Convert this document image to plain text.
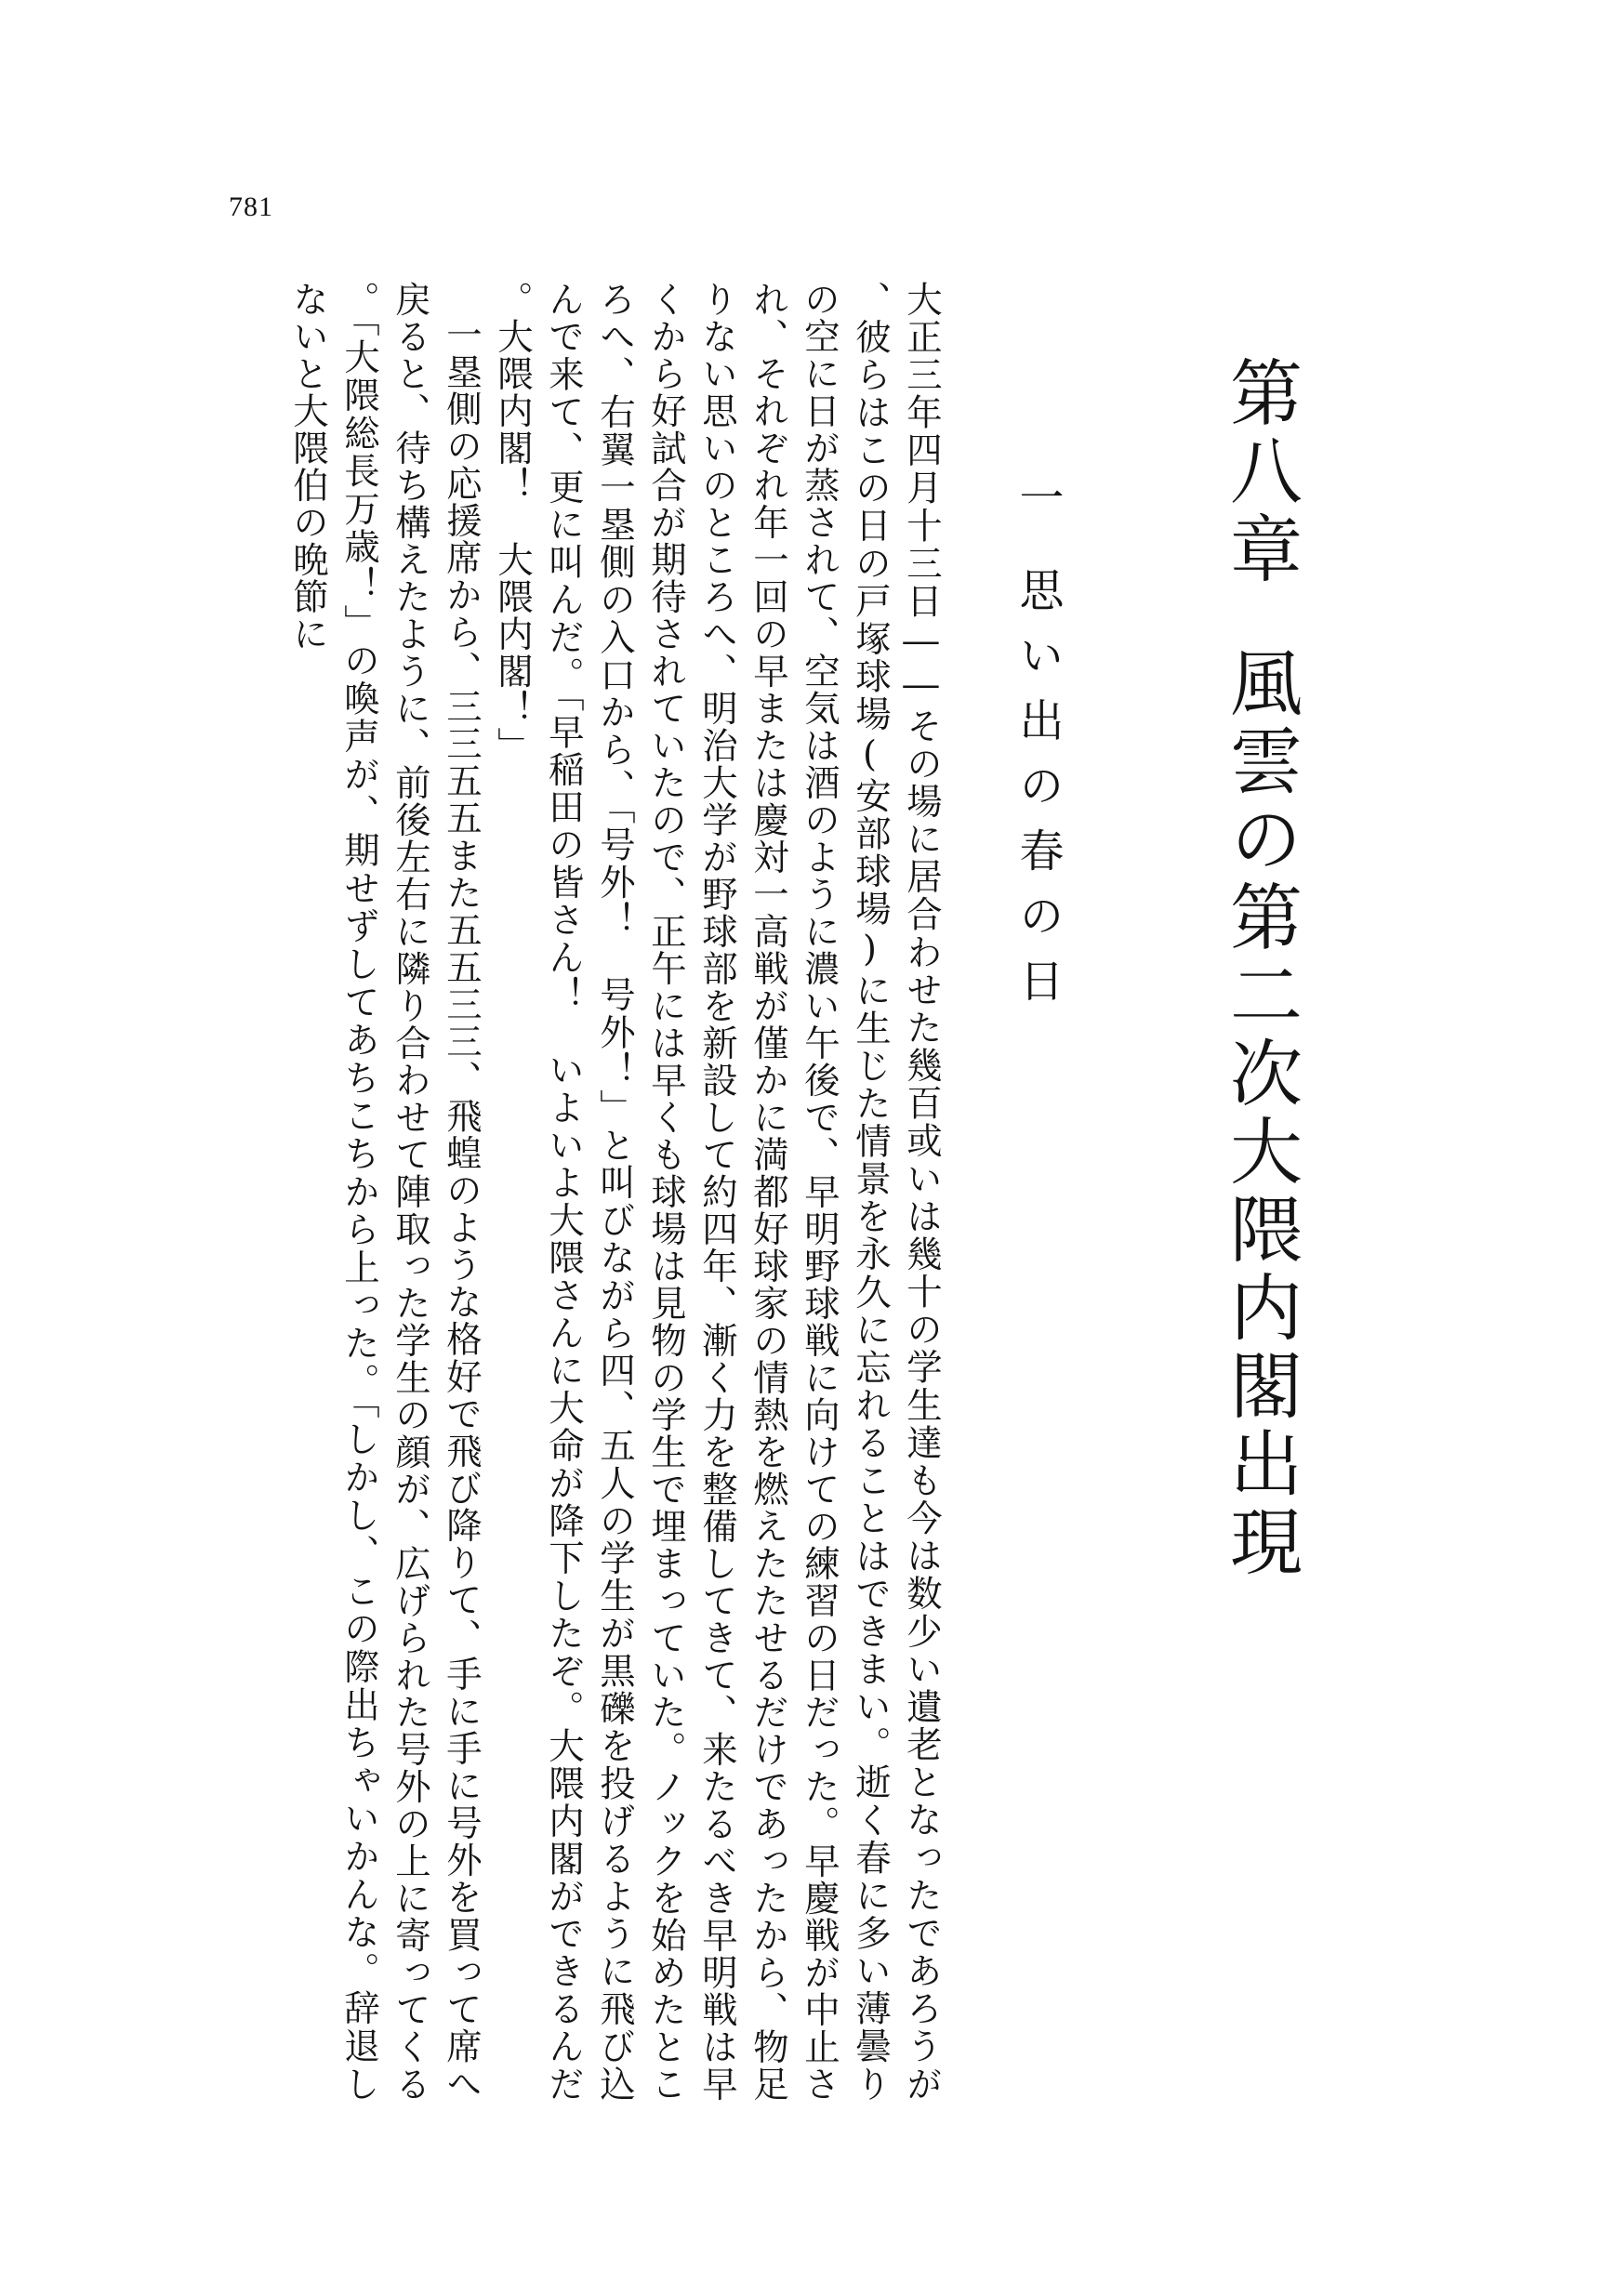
781
第八章風雲の第二次大隈内閣出現
一思い出の春の日

大正三年四月十三日――その場に居合わせた幾百或いは幾十の学生達も今は数少い遺老となったであろうが、彼らはこの日の戸塚球場(安部球場)に生じた情景を永久に忘れることはできまい。逝く春に多い薄曇りの空に日が蒸されて、空気は酒のように濃い午後で、早明野球戦に向けての練習の日だった。早慶戦が中止され、それぞれ年一回の早または慶対一高戦が僅かに満都好球家の情熱を燃えたたせるだけであったから、物足りない思いのところへ、明治大学が野球部を新設して約四年、漸く力を整備してきて、来たるべき早明戦は早くから好試合が期待されていたので、正午には早くも球場は見物の学生で埋まっていた。ノックを始めたところへ、右翼一塁側の入口から、「号外！　号外！」と叫びながら四、五人の学生が黒礫を投げるように飛び込んで来て、更に叫んだ。「早稲田の皆さん！　いよいよ大隈さんに大命が降下したぞ。大隈内閣ができるんだ。大隈内閣！　大隈内閣！」

一塁側の応援席から、三三五五また五五三三、飛蝗のような格好で飛び降りて、手に手に号外を買って席へ戻ると、待ち構えたように、前後左右に隣り合わせて陣取った学生の顔が、広げられた号外の上に寄ってくる。「大隈総長万歳！」の喚声が、期せずしてあちこちから上った。「しかし、この際出ちゃいかんな。辞退しないと大隈伯の晩節に
